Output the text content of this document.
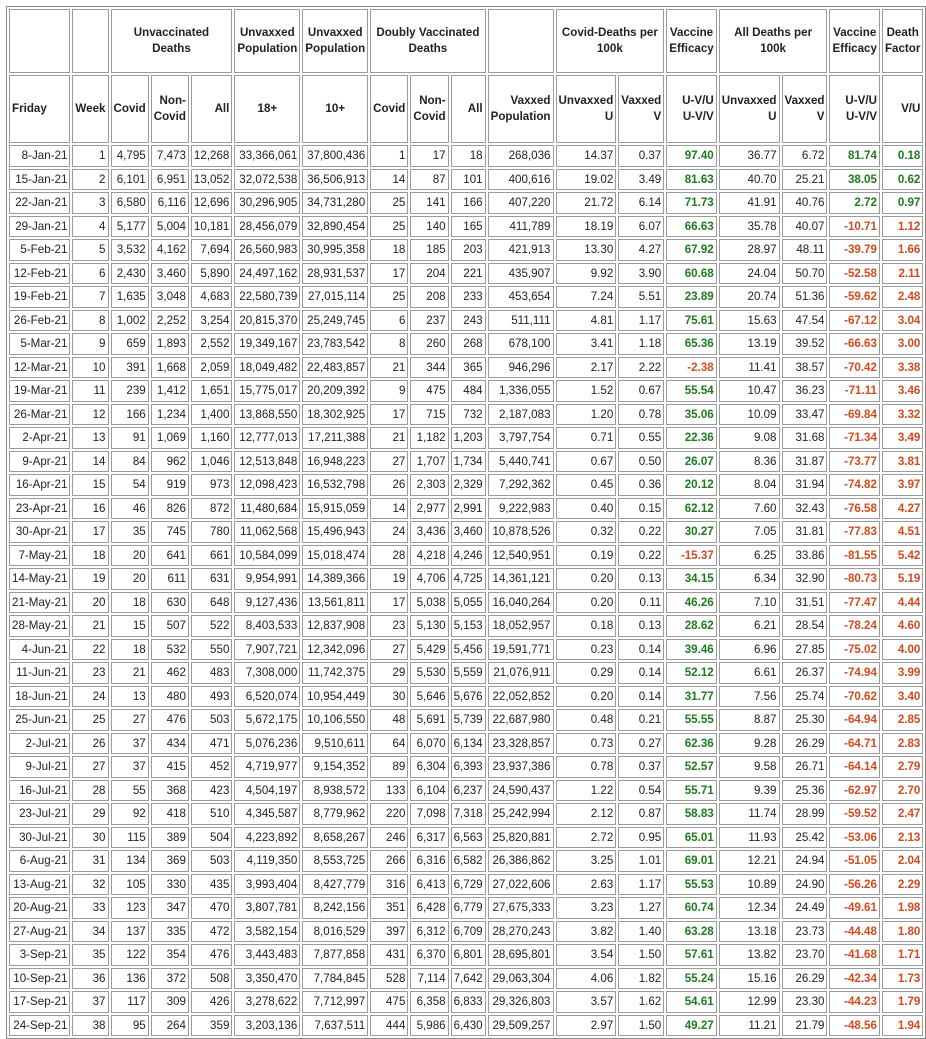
		Unvaccinated Deaths			Unvaxxed Population	Unvaxxed Population	Doubly Vaccinated Deaths				Covid-Deaths per 100k		Vaccine Efficacy	All Deaths per 100k		Vaccine Efficacy	Death Factor
Friday	Week	Covid	Non-Covid	All	18+	10+	Covid	Non-Covid	All	Vaxxed Population	Unvaxxed U	Vaxxed V	U-V/U U-V/V	Unvaxxed U	Vaxxed V	U-V/U U-V/V	V/U
8-Jan-21	1	4,795	7,473	12,268	33,366,061	37,800,436	1	17	18	268,036	14.37	0.37	97.40	36.77	6.72	81.74	0.18
15-Jan-21	2	6,101	6,951	13,052	32,072,538	36,506,913	14	87	101	400,616	19.02	3.49	81.63	40.70	25.21	38.05	0.62
22-Jan-21	3	6,580	6,116	12,696	30,296,905	34,731,280	25	141	166	407,220	21.72	6.14	71.73	41.91	40.76	2.72	0.97
29-Jan-21	4	5,177	5,004	10,181	28,456,079	32,890,454	25	140	165	411,789	18.19	6.07	66.63	35.78	40.07	-10.71	1.12
5-Feb-21	5	3,532	4,162	7,694	26,560,983	30,995,358	18	185	203	421,913	13.30	4.27	67.92	28.97	48.11	-39.79	1.66
12-Feb-21	6	2,430	3,460	5,890	24,497,162	28,931,537	17	204	221	435,907	9.92	3.90	60.68	24.04	50.70	-52.58	2.11
19-Feb-21	7	1,635	3,048	4,683	22,580,739	27,015,114	25	208	233	453,654	7.24	5.51	23.89	20.74	51.36	-59.62	2.48
26-Feb-21	8	1,002	2,252	3,254	20,815,370	25,249,745	6	237	243	511,111	4.81	1.17	75.61	15.63	47.54	-67.12	3.04
5-Mar-21	9	659	1,893	2,552	19,349,167	23,783,542	8	260	268	678,100	3.41	1.18	65.36	13.19	39.52	-66.63	3.00
12-Mar-21	10	391	1,668	2,059	18,049,482	22,483,857	21	344	365	946,296	2.17	2.22	-2.38	11.41	38.57	-70.42	3.38
19-Mar-21	11	239	1,412	1,651	15,775,017	20,209,392	9	475	484	1,336,055	1.52	0.67	55.54	10.47	36.23	-71.11	3.46
26-Mar-21	12	166	1,234	1,400	13,868,550	18,302,925	17	715	732	2,187,083	1.20	0.78	35.06	10.09	33.47	-69.84	3.32
2-Apr-21	13	91	1,069	1,160	12,777,013	17,211,388	21	1,182	1,203	3,797,754	0.71	0.55	22.36	9.08	31.68	-71.34	3.49
9-Apr-21	14	84	962	1,046	12,513,848	16,948,223	27	1,707	1,734	5,440,741	0.67	0.50	26.07	8.36	31.87	-73.77	3.81
16-Apr-21	15	54	919	973	12,098,423	16,532,798	26	2,303	2,329	7,292,362	0.45	0.36	20.12	8.04	31.94	-74.82	3.97
23-Apr-21	16	46	826	872	11,480,684	15,915,059	14	2,977	2,991	9,222,983	0.40	0.15	62.12	7.60	32.43	-76.58	4.27
30-Apr-21	17	35	745	780	11,062,568	15,496,943	24	3,436	3,460	10,878,526	0.32	0.22	30.27	7.05	31.81	-77.83	4.51
7-May-21	18	20	641	661	10,584,099	15,018,474	28	4,218	4,246	12,540,951	0.19	0.22	-15.37	6.25	33.86	-81.55	5.42
14-May-21	19	20	611	631	9,954,991	14,389,366	19	4,706	4,725	14,361,121	0.20	0.13	34.15	6.34	32.90	-80.73	5.19
21-May-21	20	18	630	648	9,127,436	13,561,811	17	5,038	5,055	16,040,264	0.20	0.11	46.26	7.10	31.51	-77.47	4.44
28-May-21	21	15	507	522	8,403,533	12,837,908	23	5,130	5,153	18,052,957	0.18	0.13	28.62	6.21	28.54	-78.24	4.60
4-Jun-21	22	18	532	550	7,907,721	12,342,096	27	5,429	5,456	19,591,771	0.23	0.14	39.46	6.96	27.85	-75.02	4.00
11-Jun-21	23	21	462	483	7,308,000	11,742,375	29	5,530	5,559	21,076,911	0.29	0.14	52.12	6.61	26.37	-74.94	3.99
18-Jun-21	24	13	480	493	6,520,074	10,954,449	30	5,646	5,676	22,052,852	0.20	0.14	31.77	7.56	25.74	-70.62	3.40
25-Jun-21	25	27	476	503	5,672,175	10,106,550	48	5,691	5,739	22,687,980	0.48	0.21	55.55	8.87	25.30	-64.94	2.85
2-Jul-21	26	37	434	471	5,076,236	9,510,611	64	6,070	6,134	23,328,857	0.73	0.27	62.36	9.28	26.29	-64.71	2.83
9-Jul-21	27	37	415	452	4,719,977	9,154,352	89	6,304	6,393	23,937,386	0.78	0.37	52.57	9.58	26.71	-64.14	2.79
16-Jul-21	28	55	368	423	4,504,197	8,938,572	133	6,104	6,237	24,590,437	1.22	0.54	55.71	9.39	25.36	-62.97	2.70
23-Jul-21	29	92	418	510	4,345,587	8,779,962	220	7,098	7,318	25,242,994	2.12	0.87	58.83	11.74	28.99	-59.52	2.47
30-Jul-21	30	115	389	504	4,223,892	8,658,267	246	6,317	6,563	25,820,881	2.72	0.95	65.01	11.93	25.42	-53.06	2.13
6-Aug-21	31	134	369	503	4,119,350	8,553,725	266	6,316	6,582	26,386,862	3.25	1.01	69.01	12.21	24.94	-51.05	2.04
13-Aug-21	32	105	330	435	3,993,404	8,427,779	316	6,413	6,729	27,022,606	2.63	1.17	55.53	10.89	24.90	-56.26	2.29
20-Aug-21	33	123	347	470	3,807,781	8,242,156	351	6,428	6,779	27,675,333	3.23	1.27	60.74	12.34	24.49	-49.61	1.98
27-Aug-21	34	137	335	472	3,582,154	8,016,529	397	6,312	6,709	28,270,243	3.82	1.40	63.28	13.18	23.73	-44.48	1.80
3-Sep-21	35	122	354	476	3,443,483	7,877,858	431	6,370	6,801	28,695,801	3.54	1.50	57.61	13.82	23.70	-41.68	1.71
10-Sep-21	36	136	372	508	3,350,470	7,784,845	528	7,114	7,642	29,063,304	4.06	1.82	55.24	15.16	26.29	-42.34	1.73
17-Sep-21	37	117	309	426	3,278,622	7,712,997	475	6,358	6,833	29,326,803	3.57	1.62	54.61	12.99	23.30	-44.23	1.79
24-Sep-21	38	95	264	359	3,203,136	7,637,511	444	5,986	6,430	29,509,257	2.97	1.50	49.27	11.21	21.79	-48.56	1.94
